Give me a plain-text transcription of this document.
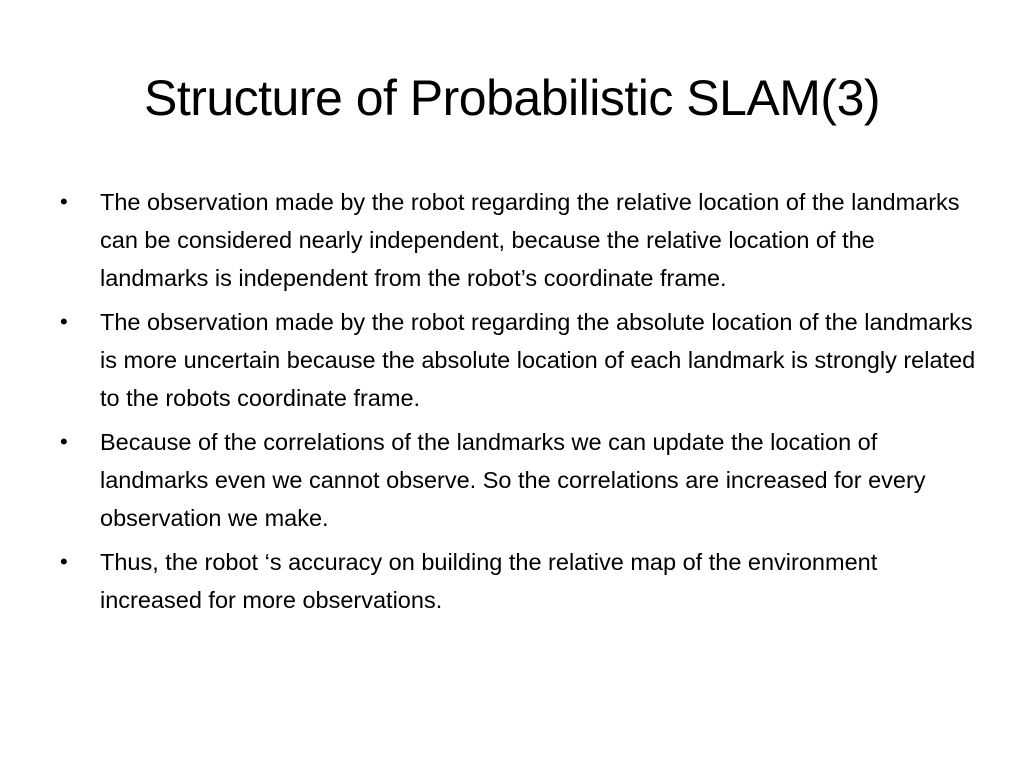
Structure of Probabilistic SLAM(3)
•	The observation made by the robot regarding the relative location of the landmarks can be considered nearly independent, because the relative location of the landmarks is independent from the robot’s coordinate frame.
•	The observation made by the robot regarding the absolute location of the landmarks is more uncertain because the absolute location of each landmark is strongly related to the robots coordinate frame.
•	Because of the correlations of the landmarks we can update the location of landmarks even we cannot observe. So the correlations are increased for every observation we make.
•	Thus, the robot ‘s accuracy on building the relative map of the environment increased for more observations.
